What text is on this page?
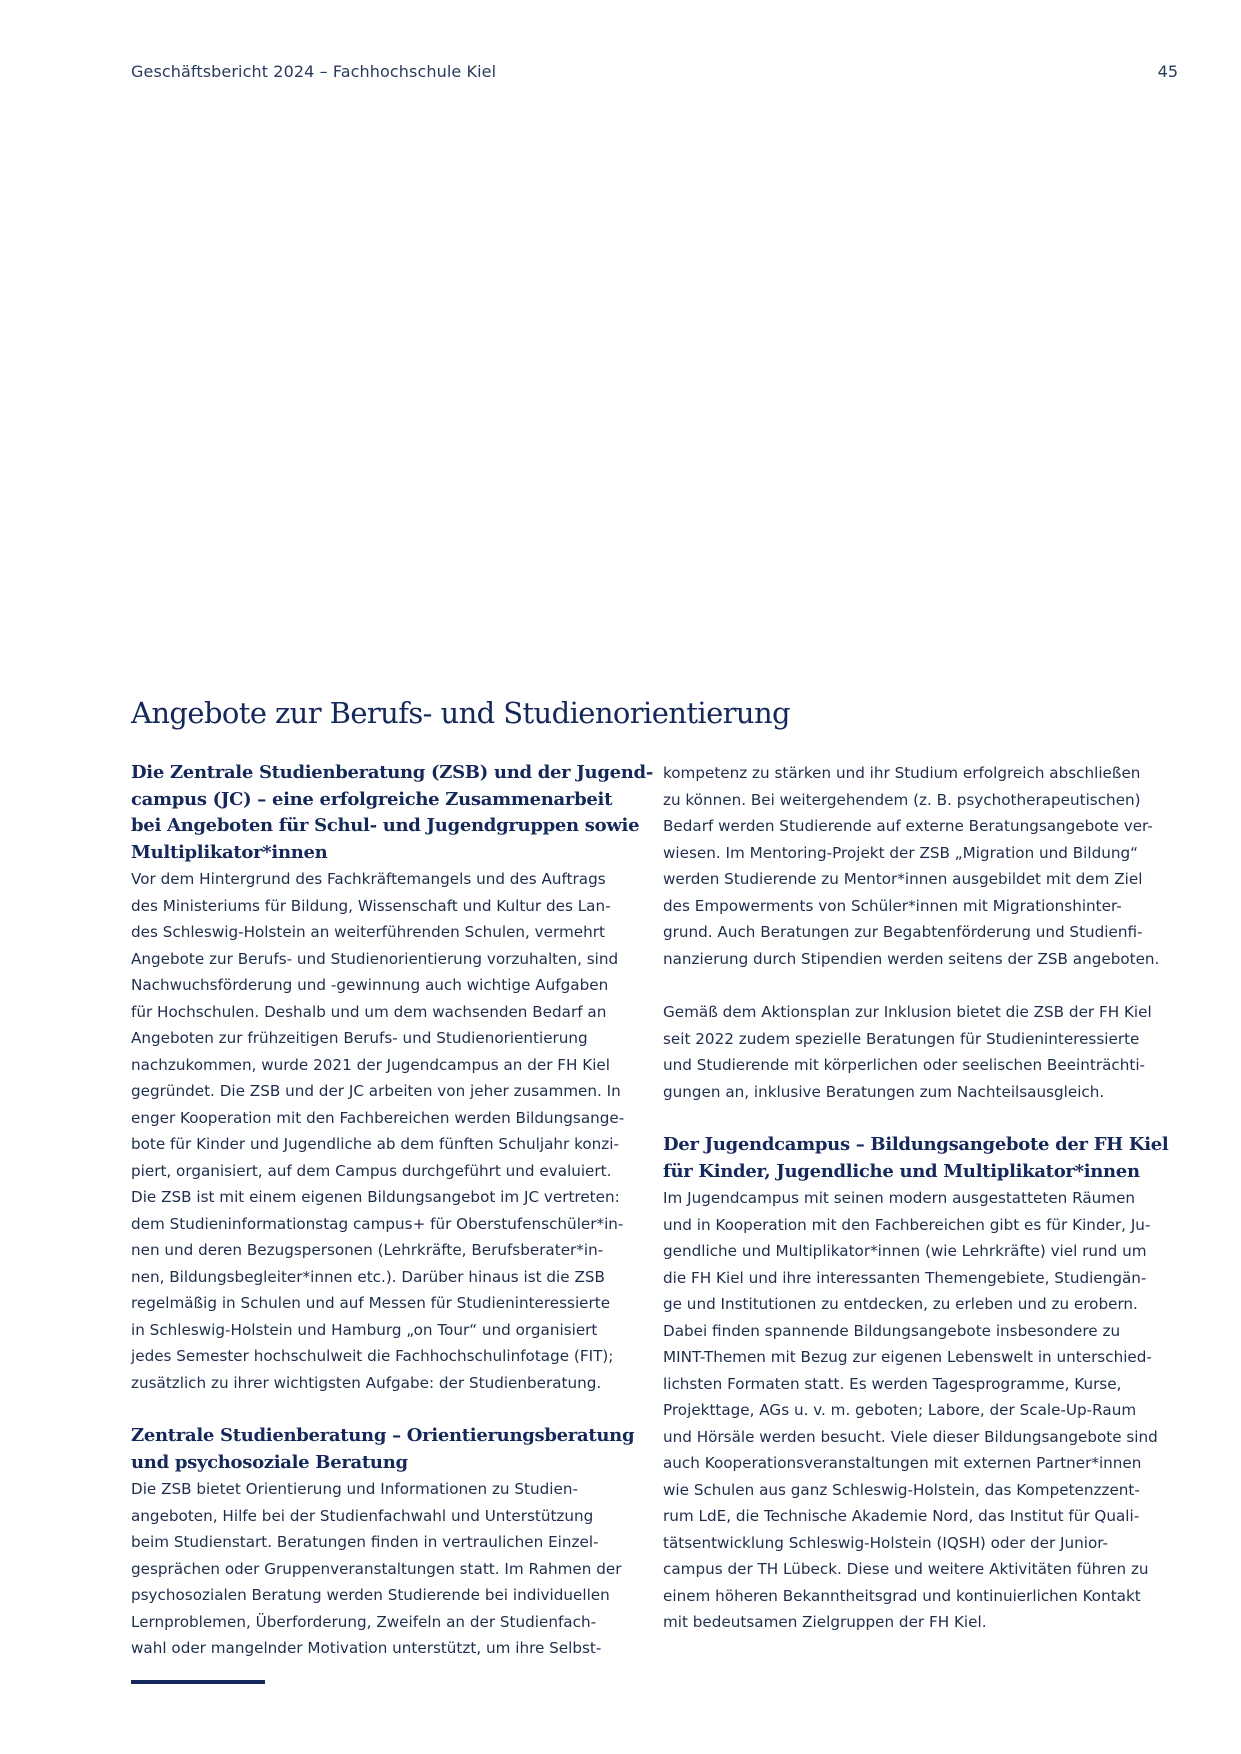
Geschäftsbericht 2024 – Fachhochschule Kiel	45
Angebote zur Berufs- und Studienorientierung
Die Zentrale Studienberatung (ZSB) und der Jugend-
campus (JC) – eine erfolgreiche Zusammenarbeit
bei Angeboten für Schul- und Jugendgruppen sowie
Multiplikator*innen
Vor dem Hintergrund des Fachkräftemangels und des Auftrags
des Ministeriums für Bildung, Wissenschaft und Kultur des Lan-
des Schleswig-Holstein an weiterführenden Schulen, vermehrt
Angebote zur Berufs- und Studienorientierung vorzuhalten, sind
Nachwuchsförderung und -gewinnung auch wichtige Aufgaben
für Hochschulen. Deshalb und um dem wachsenden Bedarf an
Angeboten zur frühzeitigen Berufs- und Studienorientierung
nachzukommen, wurde 2021 der Jugendcampus an der FH Kiel
gegründet. Die ZSB und der JC arbeiten von jeher zusammen. In
enger Kooperation mit den Fachbereichen werden Bildungsange-
bote für Kinder und Jugendliche ab dem fünften Schuljahr konzi-
piert, organisiert, auf dem Campus durchgeführt und evaluiert.
Die ZSB ist mit einem eigenen Bildungsangebot im JC vertreten:
dem Studieninformationstag campus+ für Oberstufenschüler*in-
nen und deren Bezugspersonen (Lehrkräfte, Berufsberater*in-
nen, Bildungsbegleiter*innen etc.). Darüber hinaus ist die ZSB
regelmäßig in Schulen und auf Messen für Studieninteressierte
in Schleswig-Holstein und Hamburg „on Tour“ und organisiert
jedes Semester hochschulweit die Fachhochschulinfotage (FIT);
zusätzlich zu ihrer wichtigsten Aufgabe: der Studienberatung.
Zentrale Studienberatung – Orientierungsberatung
und psychosoziale Beratung
Die ZSB bietet Orientierung und Informationen zu Studien-
angeboten, Hilfe bei der Studienfachwahl und Unterstützung
beim Studienstart. Beratungen finden in vertraulichen Einzel-
gesprächen oder Gruppenveranstaltungen statt. Im Rahmen der
psychosozialen Beratung werden Studierende bei individuellen
Lernproblemen, Überforderung, Zweifeln an der Studienfach-
wahl oder mangelnder Motivation unterstützt, um ihre Selbst-
kompetenz zu stärken und ihr Studium erfolgreich abschließen
zu können. Bei weitergehendem (z. B. psychotherapeutischen)
Bedarf werden Studierende auf externe Beratungsangebote ver-
wiesen. Im Mentoring-Projekt der ZSB „Migration und Bildung“
werden Studierende zu Mentor*innen ausgebildet mit dem Ziel
des Empowerments von Schüler*innen mit Migrationshinter-
grund. Auch Beratungen zur Begabtenförderung und Studienfi-
nanzierung durch Stipendien werden seitens der ZSB angeboten.
Gemäß dem Aktionsplan zur Inklusion bietet die ZSB der FH Kiel
seit 2022 zudem spezielle Beratungen für Studieninteressierte
und Studierende mit körperlichen oder seelischen Beeinträchti-
gungen an, inklusive Beratungen zum Nachteilsausgleich.
Der Jugendcampus – Bildungsangebote der FH Kiel
für Kinder, Jugendliche und Multiplikator*innen
Im Jugendcampus mit seinen modern ausgestatteten Räumen
und in Kooperation mit den Fachbereichen gibt es für Kinder, Ju-
gendliche und Multiplikator*innen (wie Lehrkräfte) viel rund um
die FH Kiel und ihre interessanten Themengebiete, Studiengän-
ge und Institutionen zu entdecken, zu erleben und zu erobern.
Dabei finden spannende Bildungsangebote insbesondere zu
MINT-Themen mit Bezug zur eigenen Lebenswelt in unterschied-
lichsten Formaten statt. Es werden Tagesprogramme, Kurse,
Projekttage, AGs u. v. m. geboten; Labore, der Scale-Up-Raum
und Hörsäle werden besucht. Viele dieser Bildungsangebote sind
auch Kooperationsveranstaltungen mit externen Partner*innen
wie Schulen aus ganz Schleswig-Holstein, das Kompetenzzent-
rum LdE, die Technische Akademie Nord, das Institut für Quali-
tätsentwicklung Schleswig-Holstein (IQSH) oder der Junior-
campus der TH Lübeck. Diese und weitere Aktivitäten führen zu
einem höheren Bekanntheitsgrad und kontinuierlichen Kontakt
mit bedeutsamen Zielgruppen der FH Kiel.
